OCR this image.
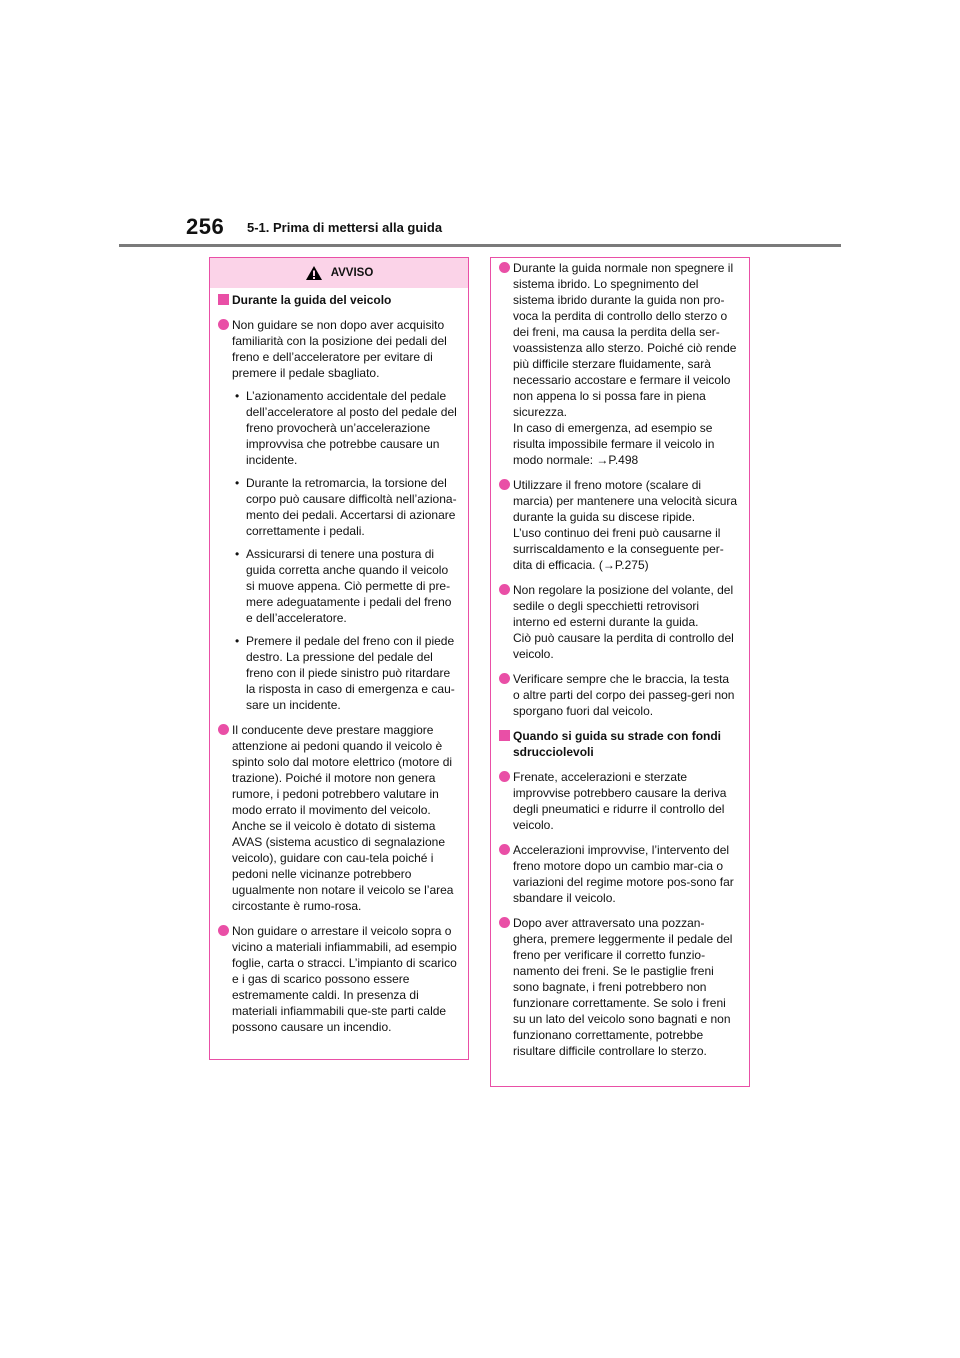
256 5-1. Prima di mettersi alla guida
AVVISO
Durante la guida del veicolo
Non guidare se non dopo aver acquisito familiarità con la posizione dei pedali del freno e dell’acceleratore per evitare di premere il pedale sbagliato.
• L’azionamento accidentale del pedale dell’acceleratore al posto del pedale del freno provocherà un’accelerazione improvvisa che potrebbe causare un incidente.
• Durante la retromarcia, la torsione del corpo può causare difficoltà nell’aziona-mento dei pedali. Accertarsi di azionare correttamente i pedali.
• Assicurarsi di tenere una postura di guida corretta anche quando il veicolo si muove appena. Ciò permette di pre-mere adeguatamente i pedali del freno e dell’acceleratore.
• Premere il pedale del freno con il piede destro. La pressione del pedale del freno con il piede sinistro può ritardare la risposta in caso di emergenza e cau-sare un incidente.
Il conducente deve prestare maggiore attenzione ai pedoni quando il veicolo è spinto solo dal motore elettrico (motore di trazione). Poiché il motore non genera rumore, i pedoni potrebbero valutare in modo errato il movimento del veicolo. Anche se il veicolo è dotato di sistema AVAS (sistema acustico di segnalazione veicolo), guidare con cau-tela poiché i pedoni nelle vicinanze potrebbero ugualmente non notare il veicolo se l’area circostante è rumo-rosa.
Non guidare o arrestare il veicolo sopra o vicino a materiali infiammabili, ad esempio foglie, carta o stracci. L’impianto di scarico e i gas di scarico possono essere estremamente caldi. In presenza di materiali infiammabili que-ste parti calde possono causare un incendio.
Durante la guida normale non spegnere il sistema ibrido. Lo spegnimento del sistema ibrido durante la guida non pro-voca la perdita di controllo dello sterzo o dei freni, ma causa la perdita della ser-voassistenza allo sterzo. Poiché ciò rende più difficile sterzare fluidamente, sarà necessario accostare e fermare il veicolo non appena lo si possa fare in piena sicurezza.
In caso di emergenza, ad esempio se risulta impossibile fermare il veicolo in modo normale: →P.498
Utilizzare il freno motore (scalare di marcia) per mantenere una velocità sicura durante la guida su discese ripide.
L’uso continuo dei freni può causarne il surriscaldamento e la conseguente per-dita di efficacia. (→P.275)
Non regolare la posizione del volante, del sedile o degli specchietti retrovisori interno ed esterni durante la guida.
Ciò può causare la perdita di controllo del veicolo.
Verificare sempre che le braccia, la testa o altre parti del corpo dei passeg-geri non sporgano fuori dal veicolo.
Quando si guida su strade con fondi sdrucciolevoli
Frenate, accelerazioni e sterzate improvvise potrebbero causare la deriva degli pneumatici e ridurre il controllo del veicolo.
Accelerazioni improvvise, l’intervento del freno motore dopo un cambio mar-cia o variazioni del regime motore pos-sono far sbandare il veicolo.
Dopo aver attraversato una pozzan-ghera, premere leggermente il pedale del freno per verificare il corretto funzio-namento dei freni. Se le pastiglie freni sono bagnate, i freni potrebbero non funzionare correttamente. Se solo i freni su un lato del veicolo sono bagnati e non funzionano correttamente, potrebbe risultare difficile controllare lo sterzo.
